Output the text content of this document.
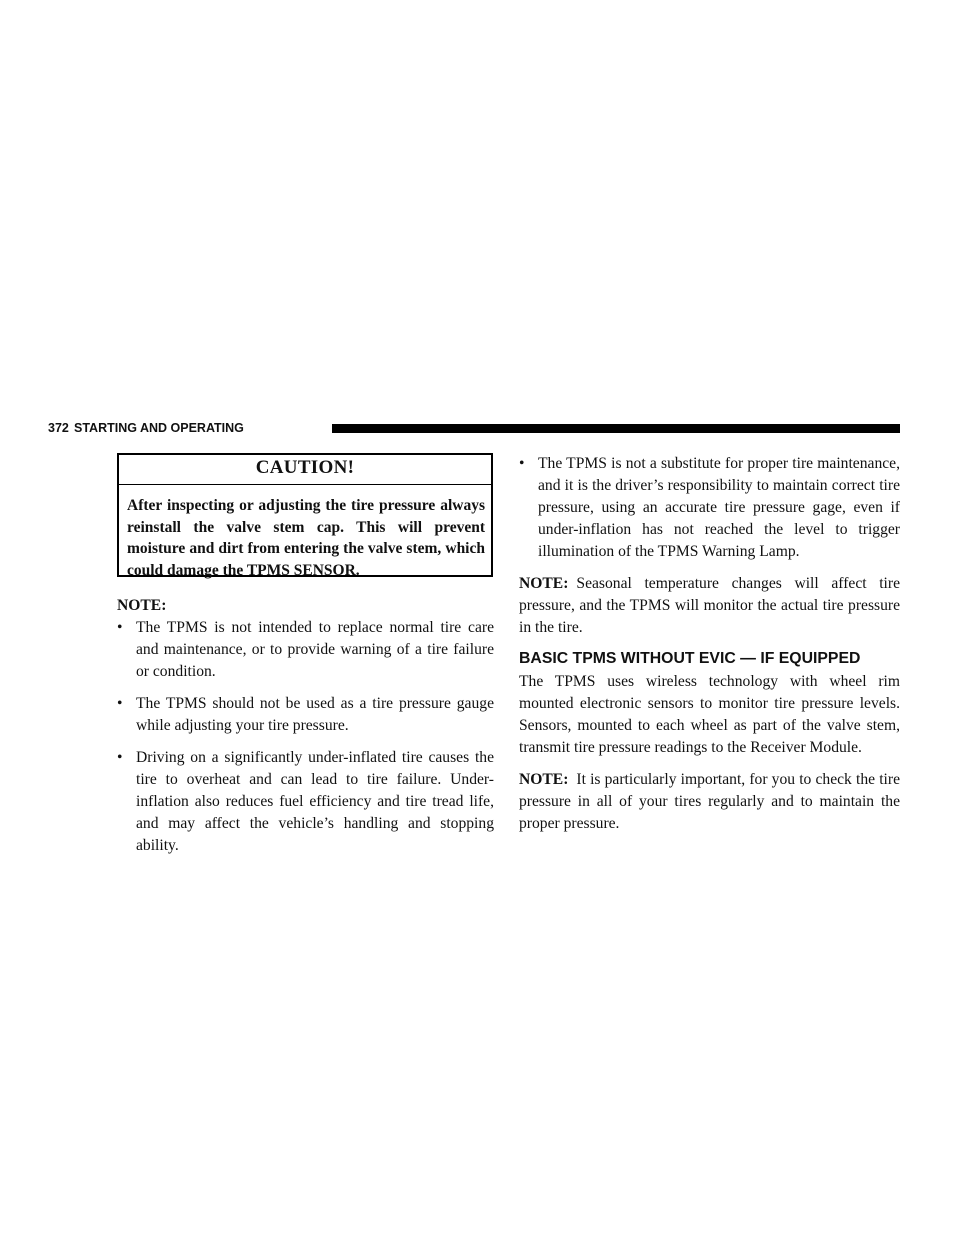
372 STARTING AND OPERATING
CAUTION!
After inspecting or adjusting the tire pressure always reinstall the valve stem cap. This will prevent moisture and dirt from entering the valve stem, which could damage the TPMS SENSOR.
NOTE:
• The TPMS is not intended to replace normal tire care and maintenance, or to provide warning of a tire failure or condition.
• The TPMS should not be used as a tire pressure gauge while adjusting your tire pressure.
• Driving on a significantly under-inflated tire causes the tire to overheat and can lead to tire failure. Under-inflation also reduces fuel efficiency and tire tread life, and may affect the vehicle’s handling and stopping ability.
• The TPMS is not a substitute for proper tire maintenance, and it is the driver’s responsibility to maintain correct tire pressure, using an accurate tire pressure gage, even if under-inflation has not reached the level to trigger illumination of the TPMS Warning Lamp.

NOTE: Seasonal temperature changes will affect tire pressure, and the TPMS will monitor the actual tire pressure in the tire.

BASIC TPMS WITHOUT EVIC — IF EQUIPPED

The TPMS uses wireless technology with wheel rim mounted electronic sensors to monitor tire pressure levels. Sensors, mounted to each wheel as part of the valve stem, transmit tire pressure readings to the Receiver Module.

NOTE: It is particularly important, for you to check the tire pressure in all of your tires regularly and to maintain the proper pressure.
